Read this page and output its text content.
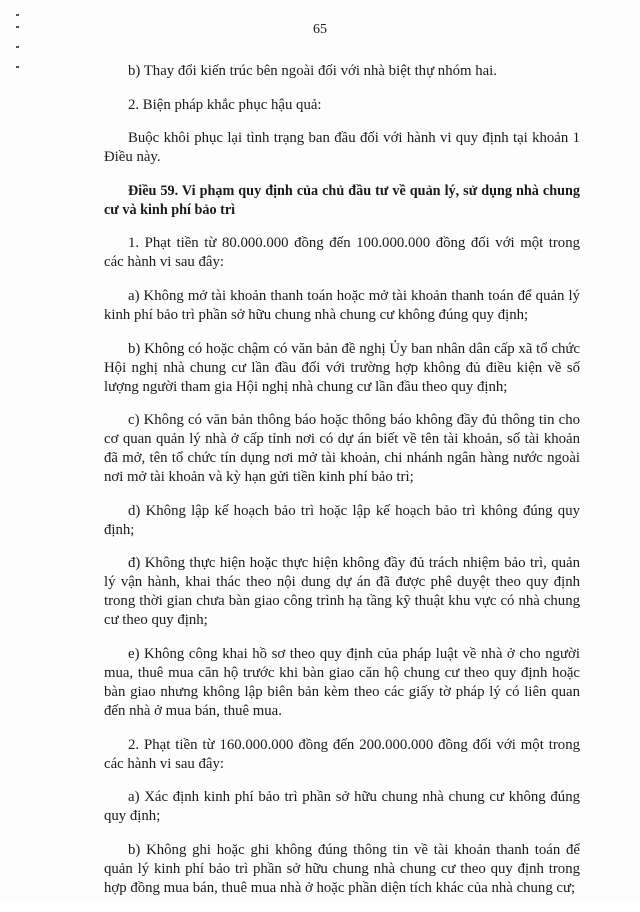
65

b) Thay đổi kiến trúc bên ngoài đối với nhà biệt thự nhóm hai.

2. Biện pháp khắc phục hậu quả:

Buộc khôi phục lại tình trạng ban đầu đối với hành vi quy định tại khoản 1 Điều này.

Điều 59. Vi phạm quy định của chủ đầu tư về quản lý, sử dụng nhà chung cư và kinh phí bảo trì

1. Phạt tiền từ 80.000.000 đồng đến 100.000.000 đồng đối với một trong các hành vi sau đây:

a) Không mở tài khoản thanh toán hoặc mở tài khoản thanh toán để quản lý kinh phí bảo trì phần sở hữu chung nhà chung cư không đúng quy định;

b) Không có hoặc chậm có văn bản đề nghị Ủy ban nhân dân cấp xã tổ chức Hội nghị nhà chung cư lần đầu đối với trường hợp không đủ điều kiện về số lượng người tham gia Hội nghị nhà chung cư lần đầu theo quy định;

c) Không có văn bản thông báo hoặc thông báo không đầy đủ thông tin cho cơ quan quản lý nhà ở cấp tỉnh nơi có dự án biết về tên tài khoản, số tài khoản đã mở, tên tổ chức tín dụng nơi mở tài khoản, chi nhánh ngân hàng nước ngoài nơi mở tài khoản và kỳ hạn gửi tiền kinh phí bảo trì;

d) Không lập kế hoạch bảo trì hoặc lập kế hoạch bảo trì không đúng quy định;

đ) Không thực hiện hoặc thực hiện không đầy đủ trách nhiệm bảo trì, quản lý vận hành, khai thác theo nội dung dự án đã được phê duyệt theo quy định trong thời gian chưa bàn giao công trình hạ tầng kỹ thuật khu vực có nhà chung cư theo quy định;

e) Không công khai hồ sơ theo quy định của pháp luật về nhà ở cho người mua, thuê mua căn hộ trước khi bàn giao căn hộ chung cư theo quy định hoặc bàn giao nhưng không lập biên bản kèm theo các giấy tờ pháp lý có liên quan đến nhà ở mua bán, thuê mua.

2. Phạt tiền từ 160.000.000 đồng đến 200.000.000 đồng đối với một trong các hành vi sau đây:

a) Xác định kinh phí bảo trì phần sở hữu chung nhà chung cư không đúng quy định;

b) Không ghi hoặc ghi không đúng thông tin về tài khoản thanh toán để quản lý kinh phí bảo trì phần sở hữu chung nhà chung cư theo quy định trong hợp đồng mua bán, thuê mua nhà ở hoặc phần diện tích khác của nhà chung cư;
